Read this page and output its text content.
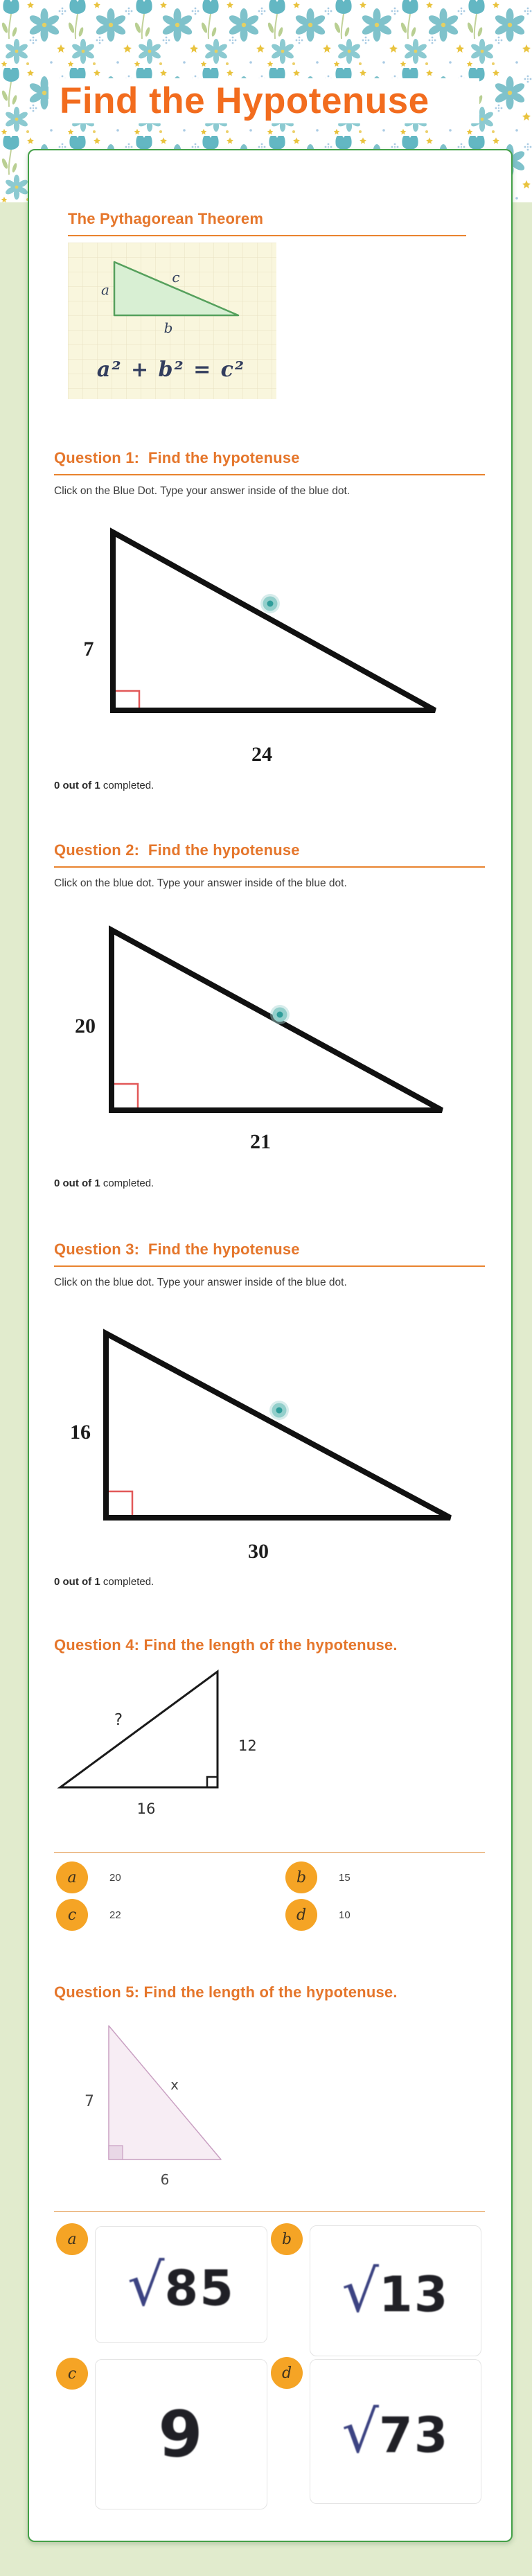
Find the Hypotenuse
The Pythagorean Theorem
a
c
b
a² + b² = c²
Question 1:  Find the hypotenuse

Click on the Blue Dot. Type your answer inside of the blue dot.

7
24

0 out of 1 completed.

Question 2:  Find the hypotenuse

Click on the blue dot. Type your answer inside of the blue dot.

20
21

0 out of 1 completed.

Question 3:  Find the hypotenuse

Click on the blue dot. Type your answer inside of the blue dot.

16
30

0 out of 1 completed.

Question 4: Find the length of the hypotenuse.
?
12
16
a	20	b	15
c	22	d	10
Question 5: Find the length of the hypotenuse.
x
7
6
a
√85
b
√13
c
9
d
√73
